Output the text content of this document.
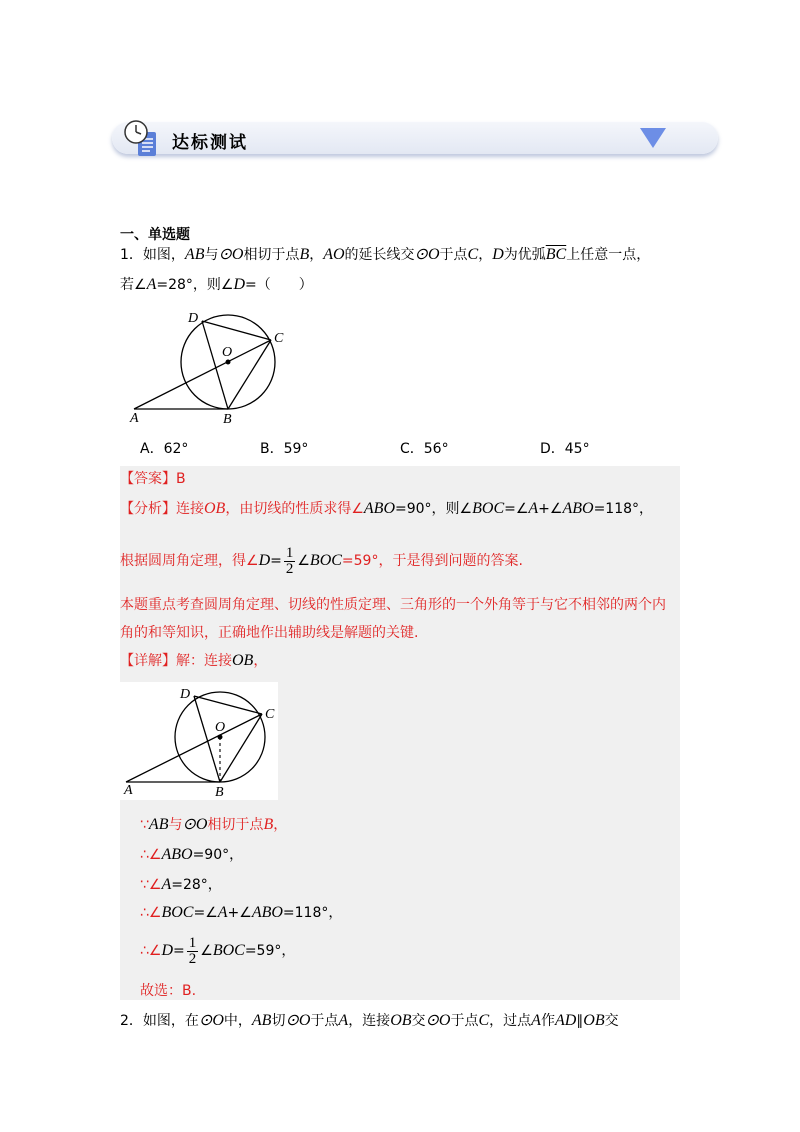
达标测试
一、单选题
1．如图，AB与⊙O相切于点B，AO的延长线交⊙O于点C，D为优弧$\overline{BC}$上任意一点，
若∠A=28°，则∠D=（　　）
D
O
C
A	B
A．62°	B．59°	C．56°	D．45°
【答案】B
【分析】连接OB，由切线的性质求得∠ABO=90°，则∠BOC=∠A+∠ABO=118°，
根据圆周角定理，得∠D= $\frac{1}{2}$ ∠BOC=59°，于是得到问题的答案.
本题重点考查圆周角定理、切线的性质定理、三角形的一个外角等于与它不相邻的两个内
角的和等知识，正确地作出辅助线是解题的关键.
【详解】解：连接OB，
D
O
C
A	B
∵AB与⊙O相切于点B，
∴∠ABO=90°，
∵∠A=28°，
∴∠BOC=∠A+∠ABO=118°，
∴∠D= $\frac{1}{2}$ ∠BOC=59°，
故选：B.
2．如图，在⊙O中，AB切⊙O于点A，连接OB交⊙O于点C，过点A作AD∥OB交
